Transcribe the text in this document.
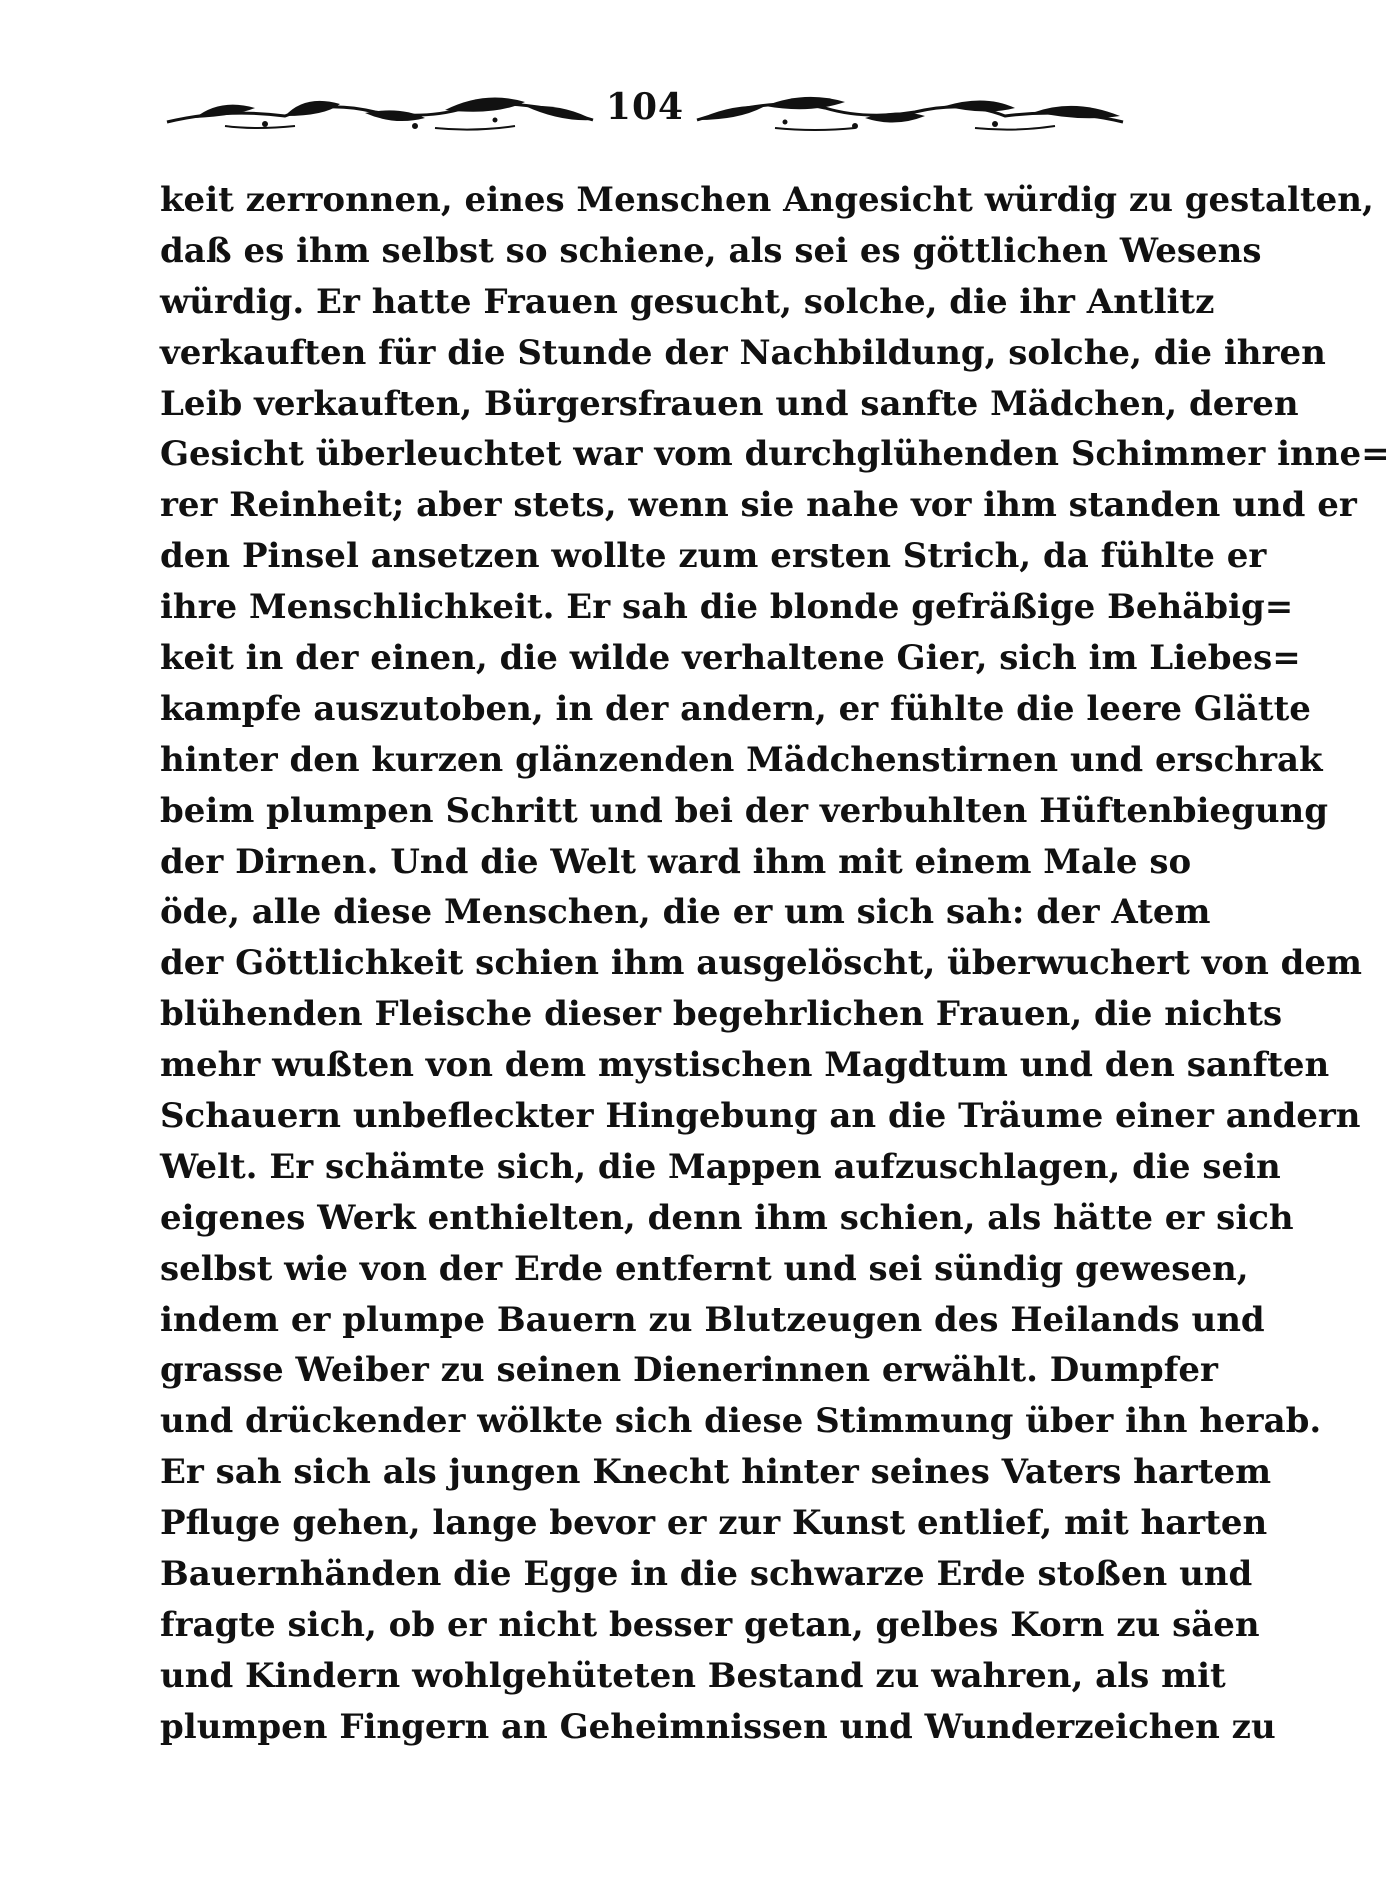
104
keit zerronnen, eines Menschen Angesicht würdig zu gestalten,
daß es ihm selbst so schiene, als sei es göttlichen Wesens
würdig. Er hatte Frauen gesucht, solche, die ihr Antlitz
verkauften für die Stunde der Nachbildung, solche, die ihren
Leib verkauften, Bürgersfrauen und sanfte Mädchen, deren
Gesicht überleuchtet war vom durchglühenden Schimmer inne=
rer Reinheit; aber stets, wenn sie nahe vor ihm standen und er
den Pinsel ansetzen wollte zum ersten Strich, da fühlte er
ihre Menschlichkeit. Er sah die blonde gefräßige Behäbig=
keit in der einen, die wilde verhaltene Gier, sich im Liebes=
kampfe auszutoben, in der andern, er fühlte die leere Glätte
hinter den kurzen glänzenden Mädchenstirnen und erschrak
beim plumpen Schritt und bei der verbuhlten Hüftenbiegung
der Dirnen. Und die Welt ward ihm mit einem Male so
öde, alle diese Menschen, die er um sich sah: der Atem
der Göttlichkeit schien ihm ausgelöscht, überwuchert von dem
blühenden Fleische dieser begehrlichen Frauen, die nichts
mehr wußten von dem mystischen Magdtum und den sanften
Schauern unbefleckter Hingebung an die Träume einer andern
Welt. Er schämte sich, die Mappen aufzuschlagen, die sein
eigenes Werk enthielten, denn ihm schien, als hätte er sich
selbst wie von der Erde entfernt und sei sündig gewesen,
indem er plumpe Bauern zu Blutzeugen des Heilands und
grasse Weiber zu seinen Dienerinnen erwählt. Dumpfer
und drückender wölkte sich diese Stimmung über ihn herab.
Er sah sich als jungen Knecht hinter seines Vaters hartem
Pfluge gehen, lange bevor er zur Kunst entlief, mit harten
Bauernhänden die Egge in die schwarze Erde stoßen und
fragte sich, ob er nicht besser getan, gelbes Korn zu säen
und Kindern wohlgehüteten Bestand zu wahren, als mit
plumpen Fingern an Geheimnissen und Wunderzeichen zu
